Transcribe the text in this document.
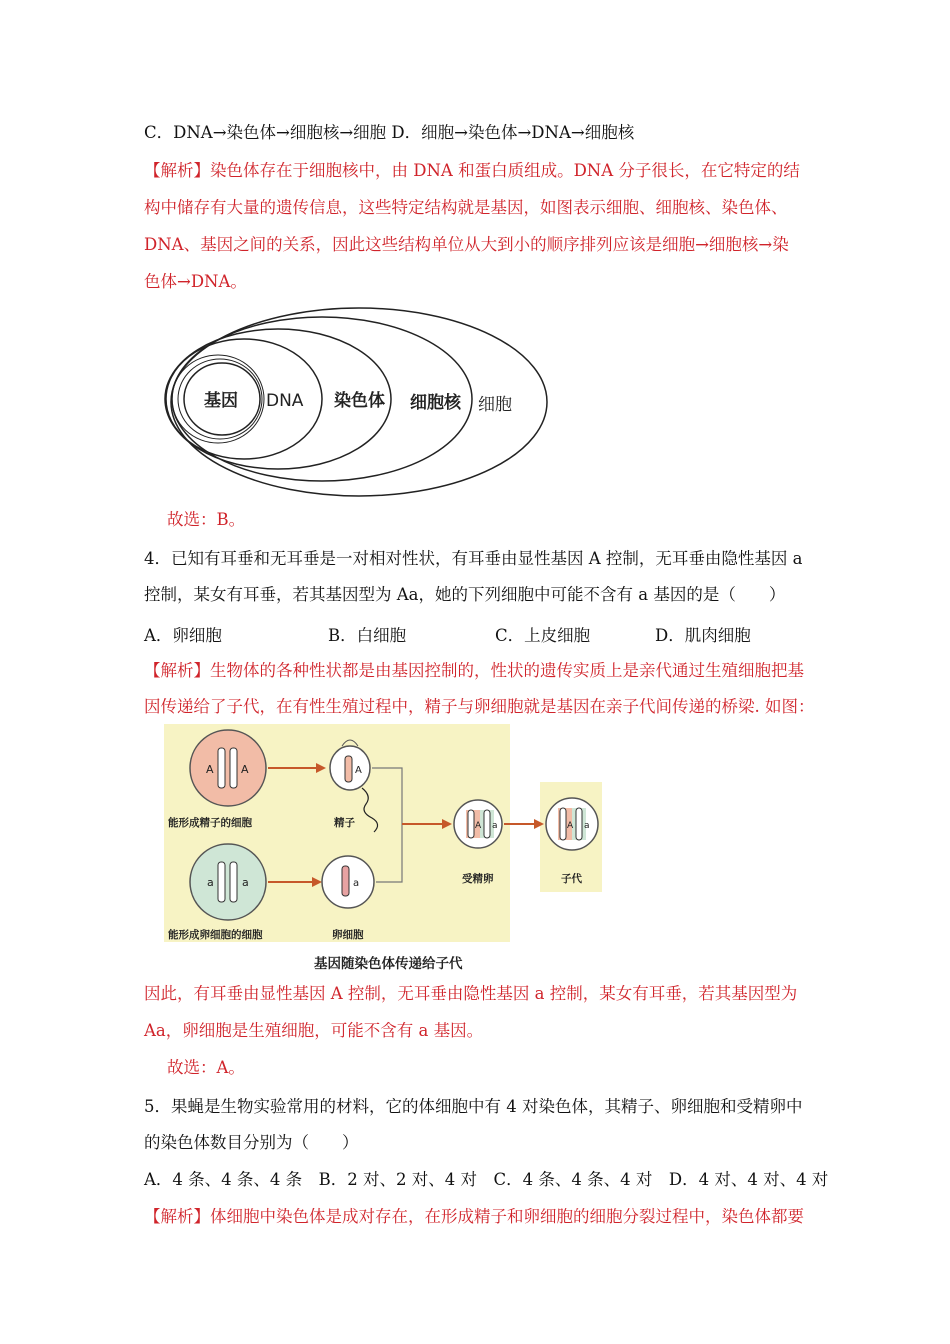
C．DNA→染色体→细胞核→细胞 D．细胞→染色体→DNA→细胞核
【解析】染色体存在于细胞核中，由 DNA 和蛋白质组成。DNA 分子很长，在它特定的结
构中储存有大量的遗传信息，这些特定结构就是基因，如图表示细胞、细胞核、染色体、
DNA、基因之间的关系，因此这些结构单位从大到小的顺序排列应该是细胞→细胞核→染
色体→DNA。
基因 DNA 染色体 细胞核 细胞
故选：B。
4．已知有耳垂和无耳垂是一对相对性状，有耳垂由显性基因 A 控制，无耳垂由隐性基因 a
控制，某女有耳垂，若其基因型为 Aa，她的下列细胞中可能不含有 a 基因的是（　　）
A．卵细胞	B．白细胞	C．上皮细胞	D．肌肉细胞
【解析】生物体的各种性状都是由基因控制的，性状的遗传实质上是亲代通过生殖细胞把基
因传递给了子代，在有性生殖过程中，精子与卵细胞就是基因在亲子代间传递的桥梁. 如图：
A A
能形成精子的细胞
A
精子
a	a
能形成卵细胞的细胞
a
卵细胞
A a
受精卵
A a
子代
基因随染色体传递给子代
因此，有耳垂由显性基因 A 控制，无耳垂由隐性基因 a 控制，某女有耳垂，若其基因型为
Aa，卵细胞是生殖细胞，可能不含有 a 基因。
故选：A。
5．果蝇是生物实验常用的材料，它的体细胞中有 4 对染色体，其精子、卵细胞和受精卵中
的染色体数目分别为（　　）
A．4 条、4 条、4 条　B．2 对、2 对、4 对　C．4 条、4 条、4 对　D．4 对、4 对、4 对
【解析】体细胞中染色体是成对存在，在形成精子和卵细胞的细胞分裂过程中，染色体都要
